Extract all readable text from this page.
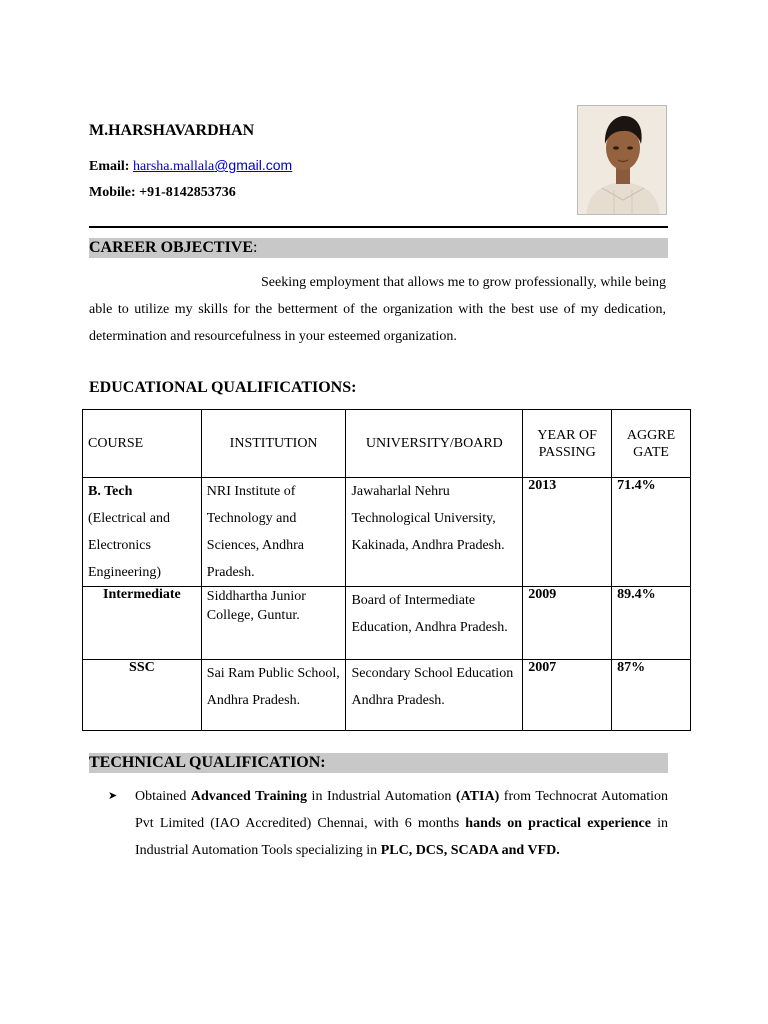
M.HARSHAVARDHAN
Email: harsha.mallala@gmail.com
Mobile: +91-8142853736
CAREER OBJECTIVE:
Seeking employment that allows me to grow professionally, while being able to utilize my skills for the betterment of the organization with the best use of my dedication, determination and resourcefulness in your esteemed organization.
EDUCATIONAL QUALIFICATIONS:
COURSE	INSTITUTION	UNIVERSITY/BOARD	YEAR OF PASSING	AGGRE GATE

B. Tech
(Electrical and Electronics Engineering)	NRI Institute of Technology and Sciences, Andhra Pradesh.	Jawaharlal Nehru Technological University, Kakinada, Andhra Pradesh.	2013	71.4%
Intermediate	Siddhartha Junior College, Guntur.	Board of Intermediate Education, Andhra Pradesh.	2009	89.4%
SSC	Sai Ram Public School, Andhra Pradesh.	Secondary School Education Andhra Pradesh.	2007	87%
TECHNICAL QUALIFICATION:
➤ Obtained Advanced Training in Industrial Automation (ATIA) from Technocrat Automation Pvt Limited (IAO Accredited) Chennai, with 6 months hands on practical experience in Industrial Automation Tools specializing in PLC, DCS, SCADA and VFD.
